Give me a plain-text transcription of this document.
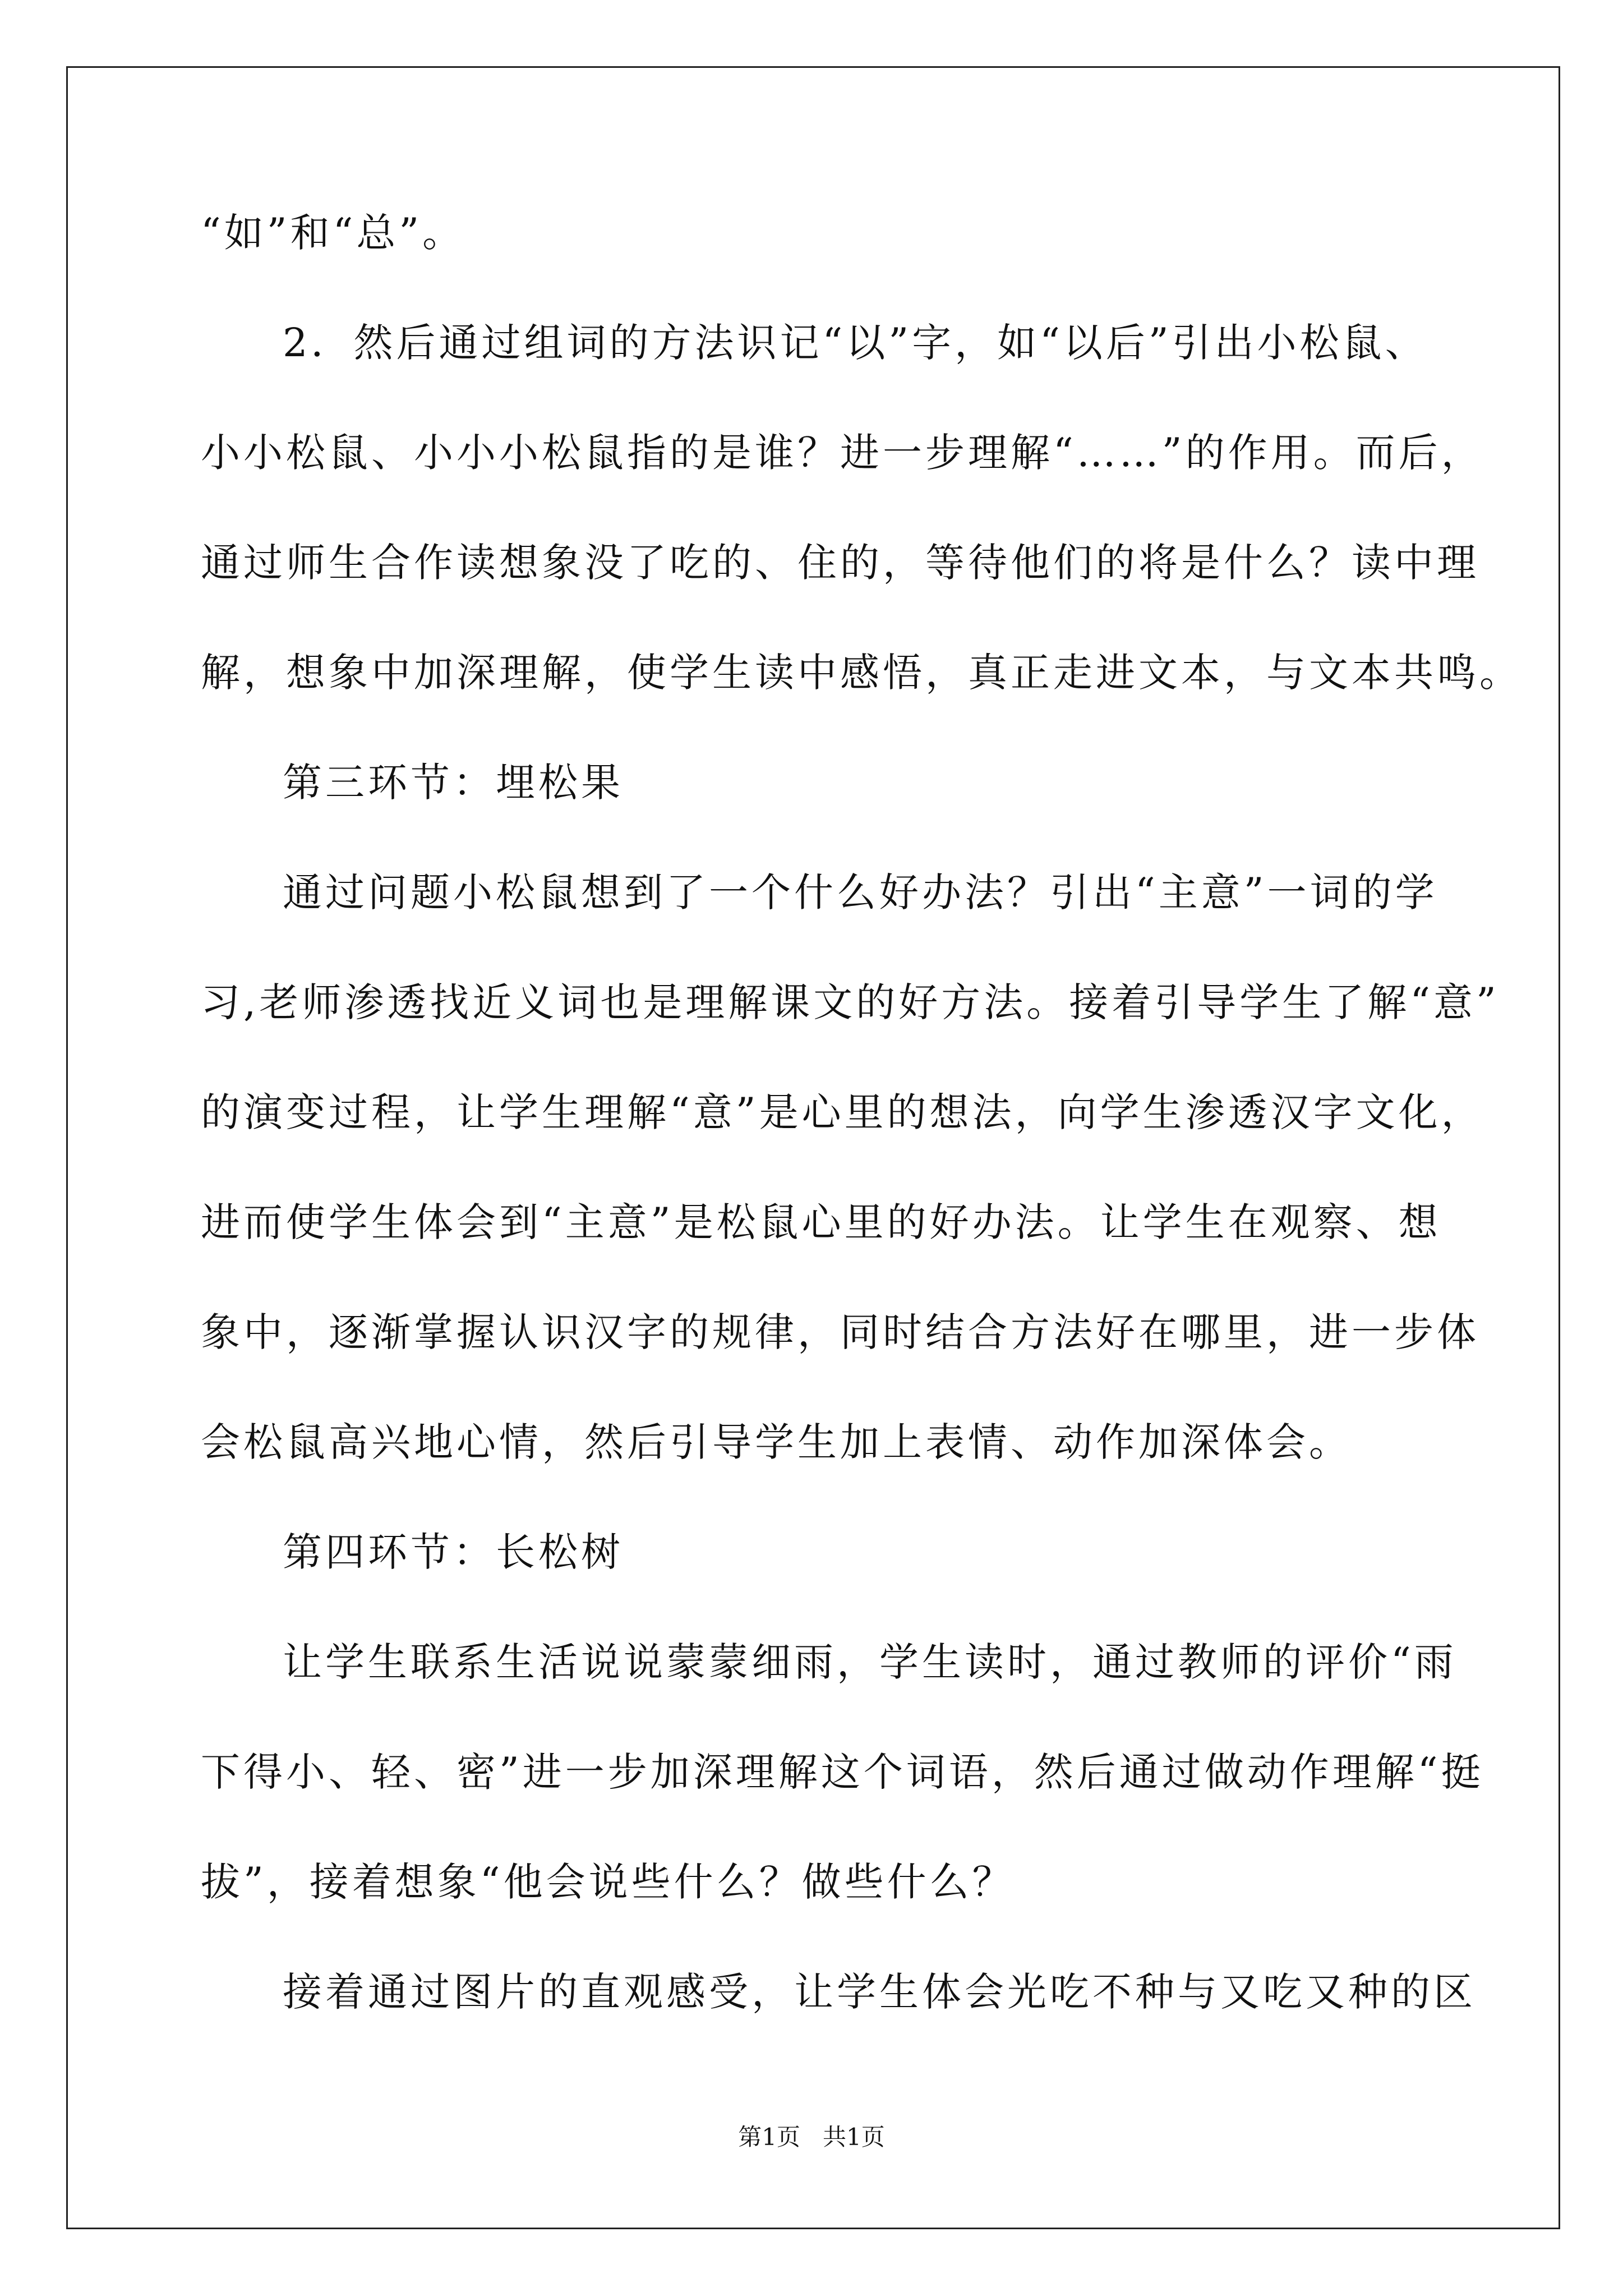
“如”和“总”。
2．然后通过组词的方法识记“以”字，如“以后”引出小松鼠、
小小松鼠、小小小松鼠指的是谁？进一步理解“……”的作用。而后，
通过师生合作读想象没了吃的、住的，等待他们的将是什么？读中理
解，想象中加深理解，使学生读中感悟，真正走进文本，与文本共鸣。
第三环节：埋松果
通过问题小松鼠想到了一个什么好办法？引出“主意”一词的学
习,老师渗透找近义词也是理解课文的好方法。接着引导学生了解“意”
的演变过程，让学生理解“意”是心里的想法，向学生渗透汉字文化，
进而使学生体会到“主意”是松鼠心里的好办法。让学生在观察、想
象中，逐渐掌握认识汉字的规律，同时结合方法好在哪里，进一步体
会松鼠高兴地心情，然后引导学生加上表情、动作加深体会。
第四环节：长松树
让学生联系生活说说蒙蒙细雨，学生读时，通过教师的评价“雨
下得小、轻、密”进一步加深理解这个词语，然后通过做动作理解“挺
拔”，接着想象“他会说些什么？做些什么？
接着通过图片的直观感受，让学生体会光吃不种与又吃又种的区
第1页   共1页
